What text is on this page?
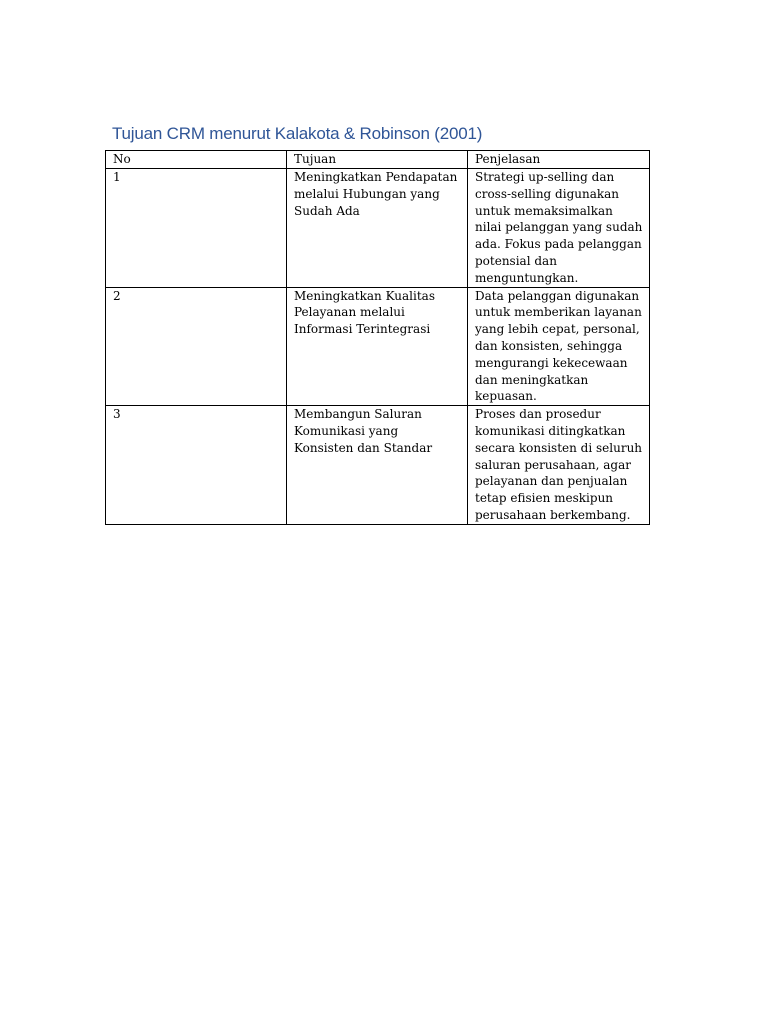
Tujuan CRM menurut Kalakota & Robinson (2001)
No	Tujuan	Penjelasan
1	Meningkatkan Pendapatan melalui Hubungan yang Sudah Ada	Strategi up-selling dan cross-selling digunakan untuk memaksimalkan nilai pelanggan yang sudah ada. Fokus pada pelanggan potensial dan menguntungkan.
2	Meningkatkan Kualitas Pelayanan melalui Informasi Terintegrasi	Data pelanggan digunakan untuk memberikan layanan yang lebih cepat, personal, dan konsisten, sehingga mengurangi kekecewaan dan meningkatkan kepuasan.
3	Membangun Saluran Komunikasi yang Konsisten dan Standar	Proses dan prosedur komunikasi ditingkatkan secara konsisten di seluruh saluran perusahaan, agar pelayanan dan penjualan tetap efisien meskipun perusahaan berkembang.
